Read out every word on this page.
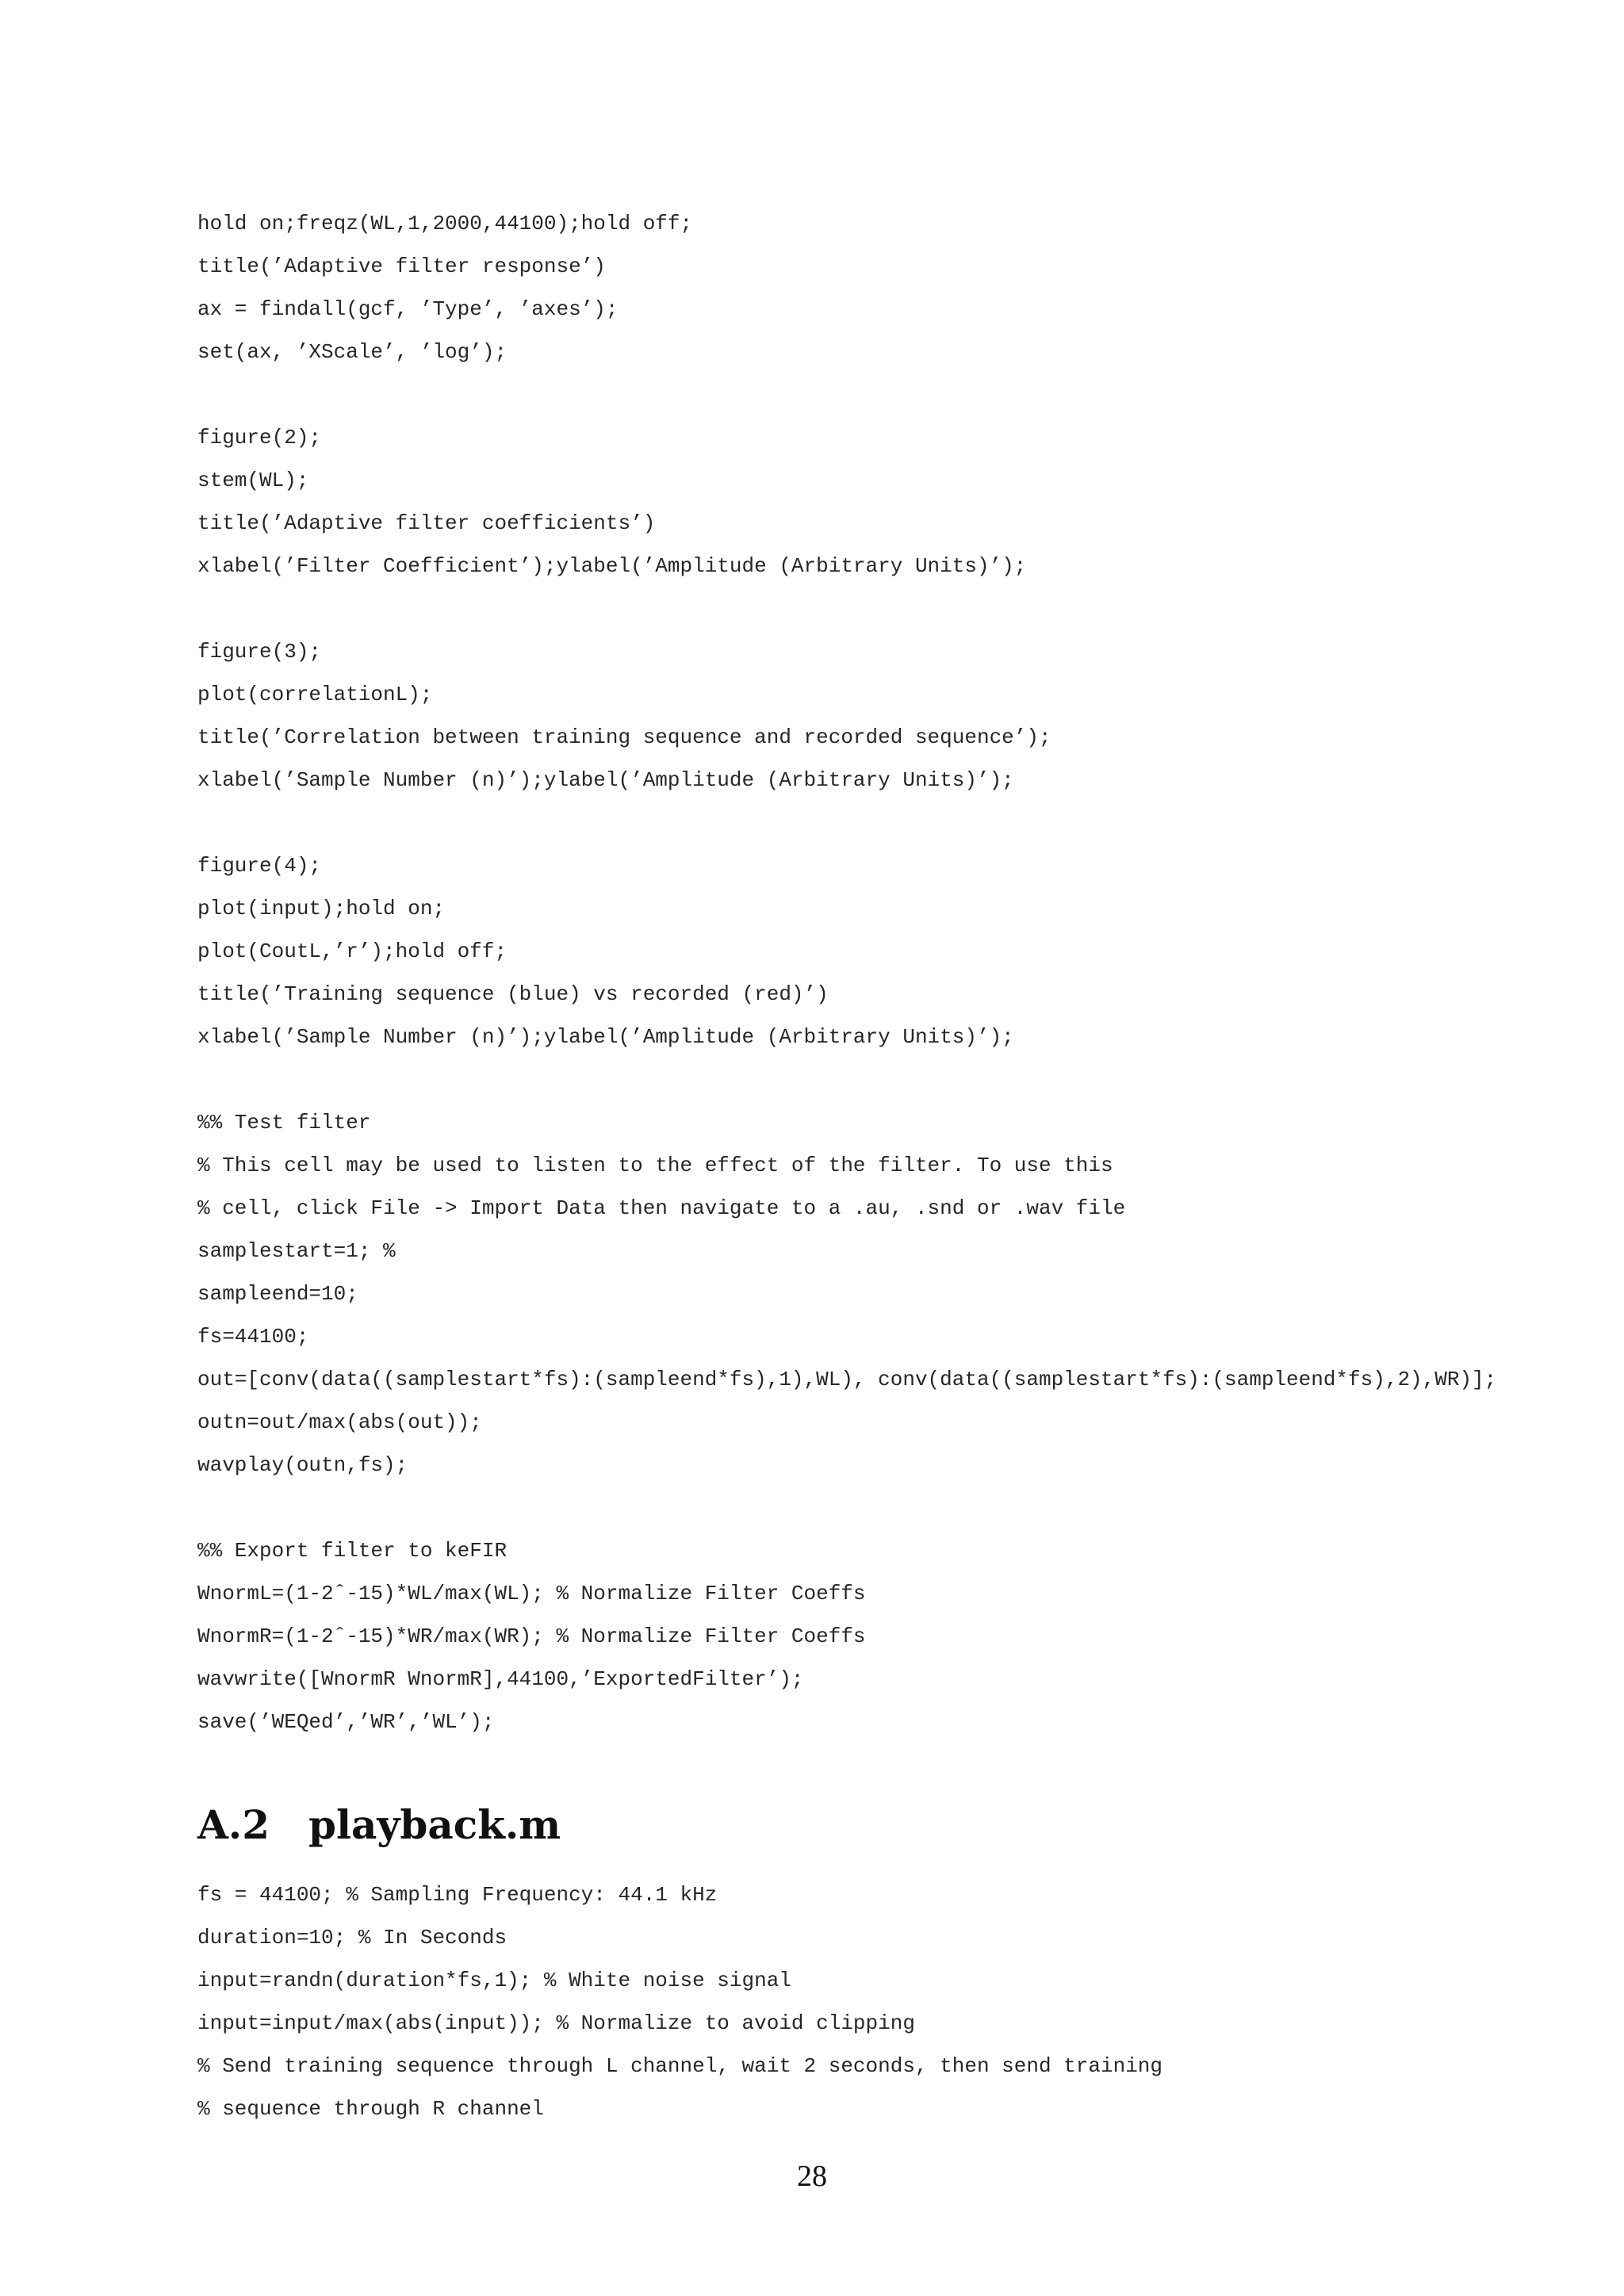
hold on;freqz(WL,1,2000,44100);hold off;
title(’Adaptive filter response’)
ax = findall(gcf, ’Type’, ’axes’);
set(ax, ’XScale’, ’log’);
figure(2);
stem(WL);
title(’Adaptive filter coefficients’)
xlabel(’Filter Coefficient’);ylabel(’Amplitude (Arbitrary Units)’);
figure(3);
plot(correlationL);
title(’Correlation between training sequence and recorded sequence’);
xlabel(’Sample Number (n)’);ylabel(’Amplitude (Arbitrary Units)’);
figure(4);
plot(input);hold on;
plot(CoutL,’r’);hold off;
title(’Training sequence (blue) vs recorded (red)’)
xlabel(’Sample Number (n)’);ylabel(’Amplitude (Arbitrary Units)’);
%% Test filter
% This cell may be used to listen to the effect of the filter. To use this
% cell, click File -> Import Data then navigate to a .au, .snd or .wav file
samplestart=1; %
sampleend=10;
fs=44100;
out=[conv(data((samplestart*fs):(sampleend*fs),1),WL), conv(data((samplestart*fs):(sampleend*fs),2),WR)];
outn=out/max(abs(out));
wavplay(outn,fs);
%% Export filter to keFIR
WnormL=(1-2ˆ-15)*WL/max(WL); % Normalize Filter Coeffs
WnormR=(1-2ˆ-15)*WR/max(WR); % Normalize Filter Coeffs
wavwrite([WnormR WnormR],44100,’ExportedFilter’);
save(’WEQed’,’WR’,’WL’);
A.2 playback.m
fs = 44100; % Sampling Frequency: 44.1 kHz
duration=10; % In Seconds
input=randn(duration*fs,1); % White noise signal
input=input/max(abs(input)); % Normalize to avoid clipping
% Send training sequence through L channel, wait 2 seconds, then send training
% sequence through R channel
28
